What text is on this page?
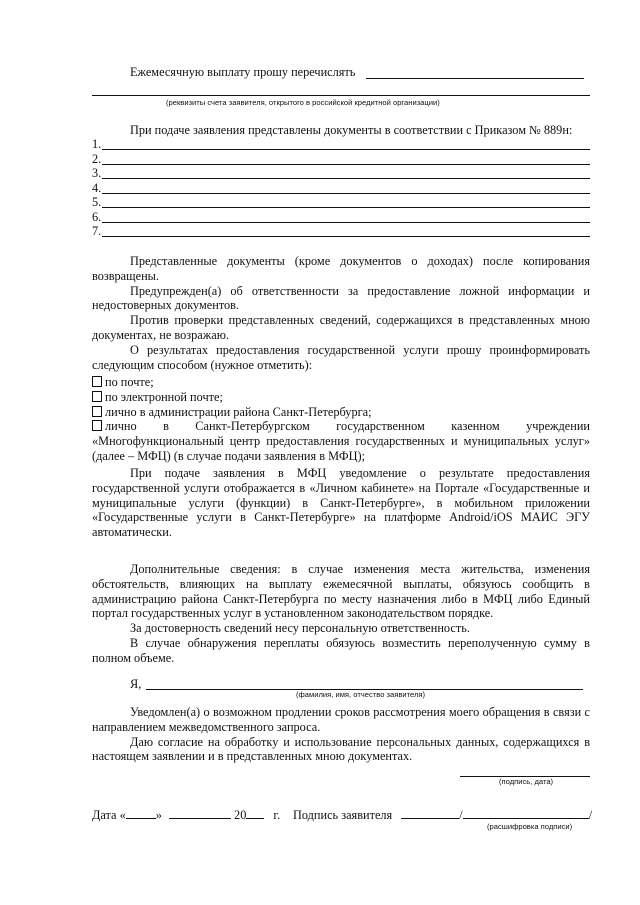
Ежемесячную выплату прошу перечислять
(реквизиты счета заявителя, открытого в российской кредитной организации)
При подаче заявления представлены документы в соответствии с Приказом № 889н:
1.
2.
3.
4.
5.
6.
7.

Представленные документы (кроме документов о доходах) после копирования возвращены.

Предупрежден(а) об ответственности за предоставление ложной информации и недостоверных документов.

Против проверки представленных сведений, содержащихся в представленных мною документах, не возражаю.

О результатах предоставления государственной услуги прошу проинформировать следующим способом (нужное отметить):

по почте;

по электронной почте;

лично в администрации района Санкт-Петербурга;

лично в Санкт-Петербургском государственном казенном учреждении «Многофункциональный центр предоставления государственных и муниципальных услуг» (далее – МФЦ) (в случае подачи заявления в МФЦ);

При подаче заявления в МФЦ уведомление о результате предоставления государственной услуги отображается в «Личном кабинете» на Портале «Государственные и муниципальные услуги (функции) в Санкт-Петербурге», в мобильном приложении «Государственные услуги в Санкт-Петербурге» на платформе Android/iOS МАИС ЭГУ автоматически.

Дополнительные сведения: в случае изменения места жительства, изменения обстоятельств, влияющих на выплату ежемесячной выплаты, обязуюсь сообщить в администрацию района Санкт-Петербурга по месту назначения либо в МФЦ либо Единый портал государственных услуг в установленном законодательством порядке.

За достоверность сведений несу персональную ответственность.

В случае обнаружения переплаты обязуюсь возместить переполученную сумму в полном объеме.

Я,
(фамилия, имя, отчество заявителя)

Уведомлен(а) о возможном продлении сроков рассмотрения моего обращения в связи с направлением межведомственного запроса.

Даю согласие на обработку и использование персональных данных, содержащихся в настоящем заявлении и в представленных мною документах.

(подпись, дата)
Дата « »	20 г. Подпись заявителя	/	/
(расшифровка подписи)
